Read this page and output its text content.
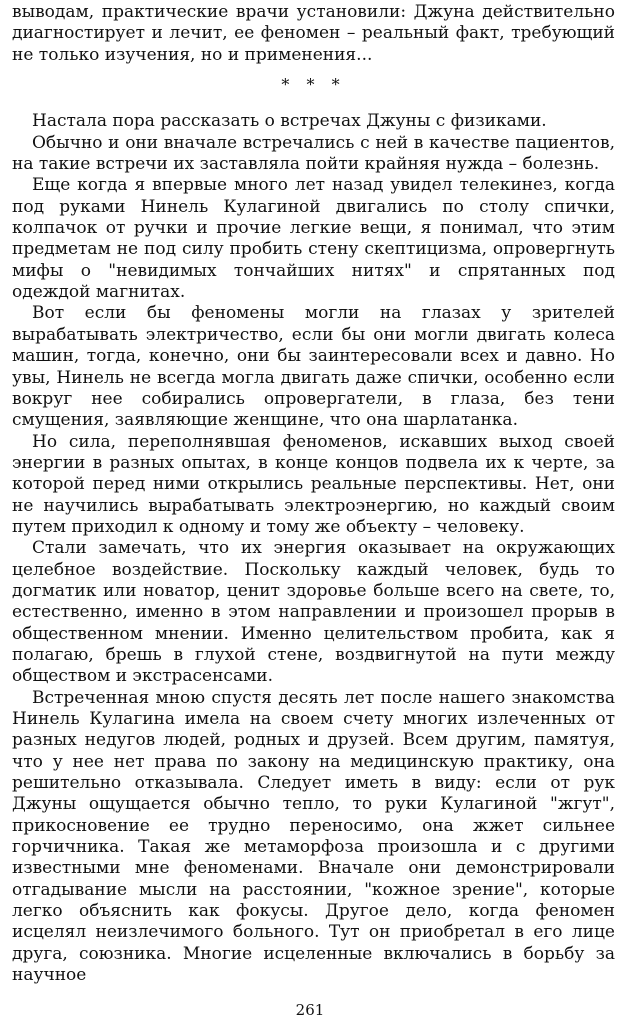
выводам, практические врачи установили: Джуна действительно диагностирует и лечит, ее феномен – реальный факт, требующий не только изучения, но и применения...

* * *

Настала пора рассказать о встречах Джуны с физиками.

Обычно и они вначале встречались с ней в качестве пациентов, на такие встречи их заставляла пойти крайняя нужда – болезнь.

Еще когда я впервые много лет назад увидел телекинез, когда под руками Нинель Кулагиной двигались по столу спички, колпачок от ручки и прочие легкие вещи, я понимал, что этим предметам не под силу пробить стену скептицизма, опровергнуть мифы о "невидимых тончайших нитях" и спрятанных под одеждой магнитах.

Вот если бы феномены могли на глазах у зрителей вырабатывать электричество, если бы они могли двигать колеса машин, тогда, конечно, они бы заинтересовали всех и давно. Но увы, Нинель не всегда могла двигать даже спички, особенно если вокруг нее собирались опровергатели, в глаза, без тени смущения, заявляющие женщине, что она шарлатанка.

Но сила, переполнявшая феноменов, искавших выход своей энергии в разных опытах, в конце концов подвела их к черте, за которой перед ними открылись реальные перспективы. Нет, они не научились вырабатывать электроэнергию, но каждый своим путем приходил к одному и тому же объекту – человеку.

Стали замечать, что их энергия оказывает на окружающих целебное воздействие. Поскольку каждый человек, будь то догматик или новатор, ценит здоровье больше всего на свете, то, естественно, именно в этом направлении и произошел прорыв в общественном мнении. Именно целительством пробита, как я полагаю, брешь в глухой стене, воздвигнутой на пути между обществом и экстрасенсами.

Встреченная мною спустя десять лет после нашего знакомства Нинель Кулагина имела на своем счету многих излеченных от разных недугов людей, родных и друзей. Всем другим, памятуя, что у нее нет права по закону на медицинскую практику, она решительно отказывала. Следует иметь в виду: если от рук Джуны ощущается обычно тепло, то руки Кулагиной "жгут", прикосновение ее трудно переносимо, она жжет сильнее горчичника. Такая же метаморфоза произошла и с другими известными мне феноменами. Вначале они демонстрировали отгадывание мысли на расстоянии, "кожное зрение", которые легко объяснить как фокусы. Другое дело, когда феномен исцелял неизлечимого больного. Тут он приобретал в его лице друга, союзника. Многие исцеленные включались в борьбу за научное

261
